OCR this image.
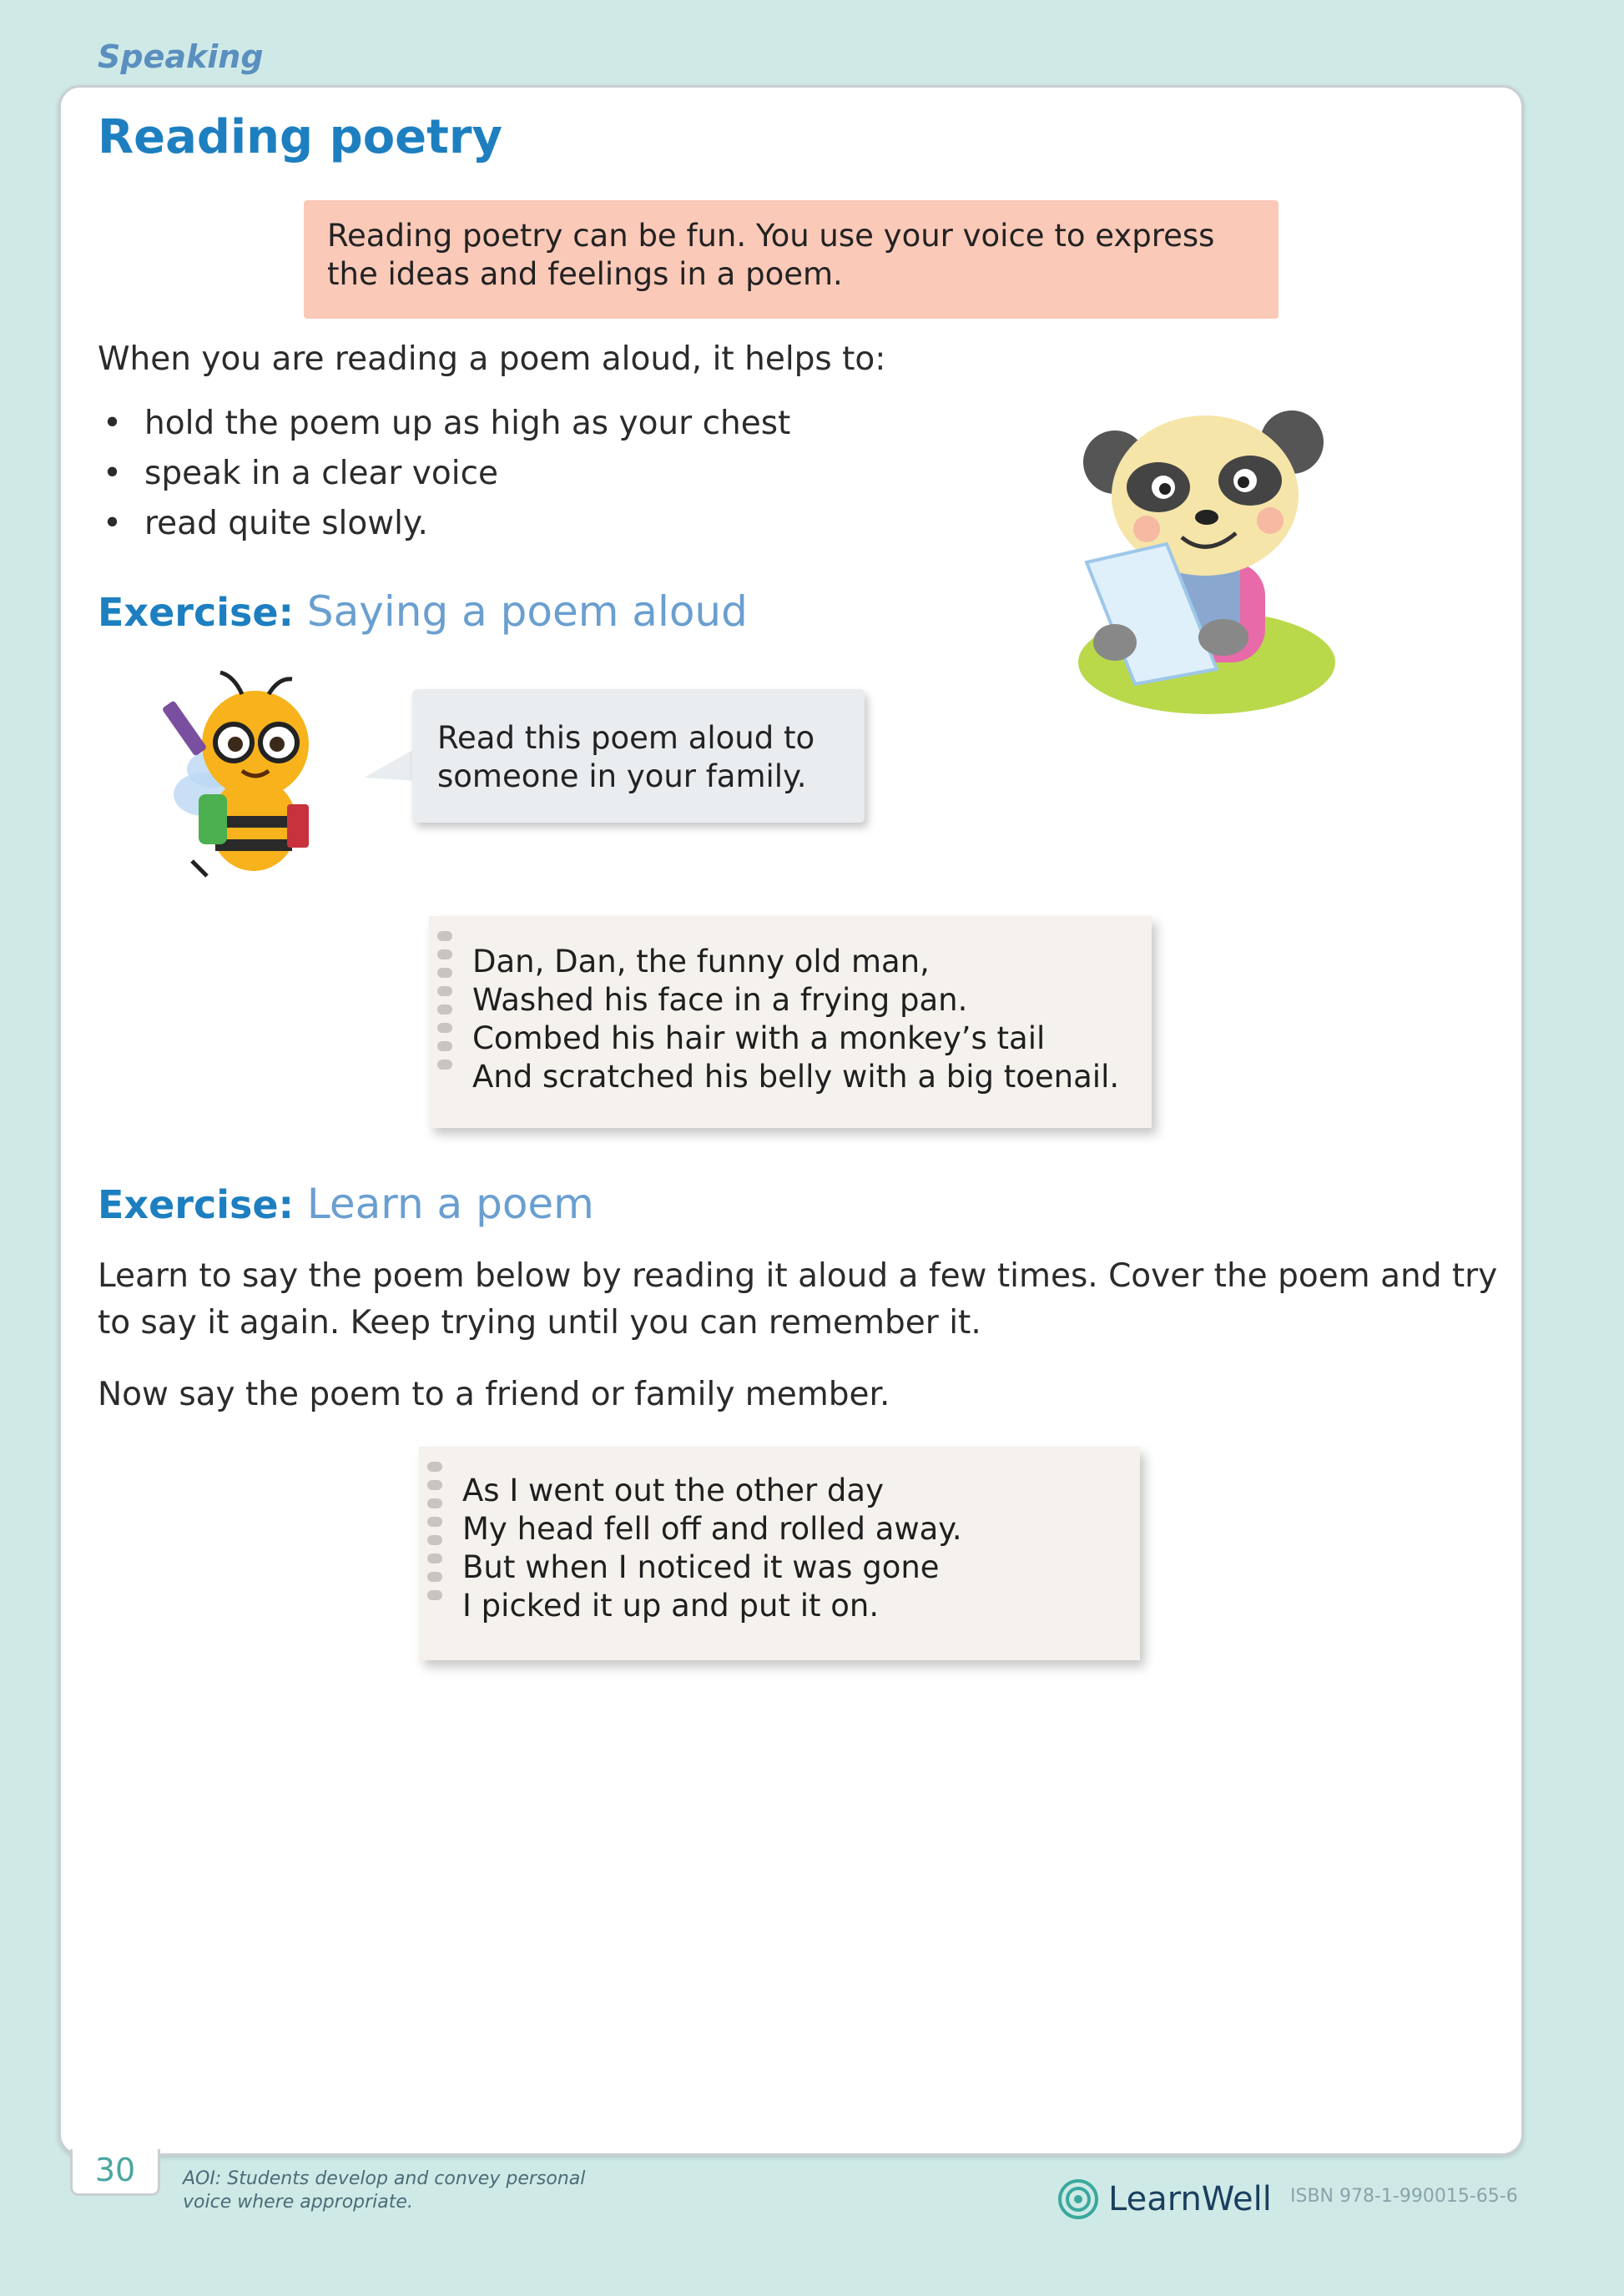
Speaking
Reading poetry
Reading poetry can be fun. You use your voice to express the ideas and feelings in a poem.
When you are reading a poem aloud, it helps to:
• hold the poem up as high as your chest
• speak in a clear voice
• read quite slowly.
Exercise: Saying a poem aloud
Read this poem aloud to someone in your family.
Dan, Dan, the funny old man,
Washed his face in a frying pan.
Combed his hair with a monkey’s tail
And scratched his belly with a big toenail.
Exercise: Learn a poem
Learn to say the poem below by reading it aloud a few times. Cover the poem and try to say it again. Keep trying until you can remember it.
Now say the poem to a friend or family member.
As I went out the other day
My head fell off and rolled away.
But when I noticed it was gone
I picked it up and put it on.
30	AOI: Students develop and convey personal voice where appropriate.	LearnWell ISBN 978-1-990015-65-6
